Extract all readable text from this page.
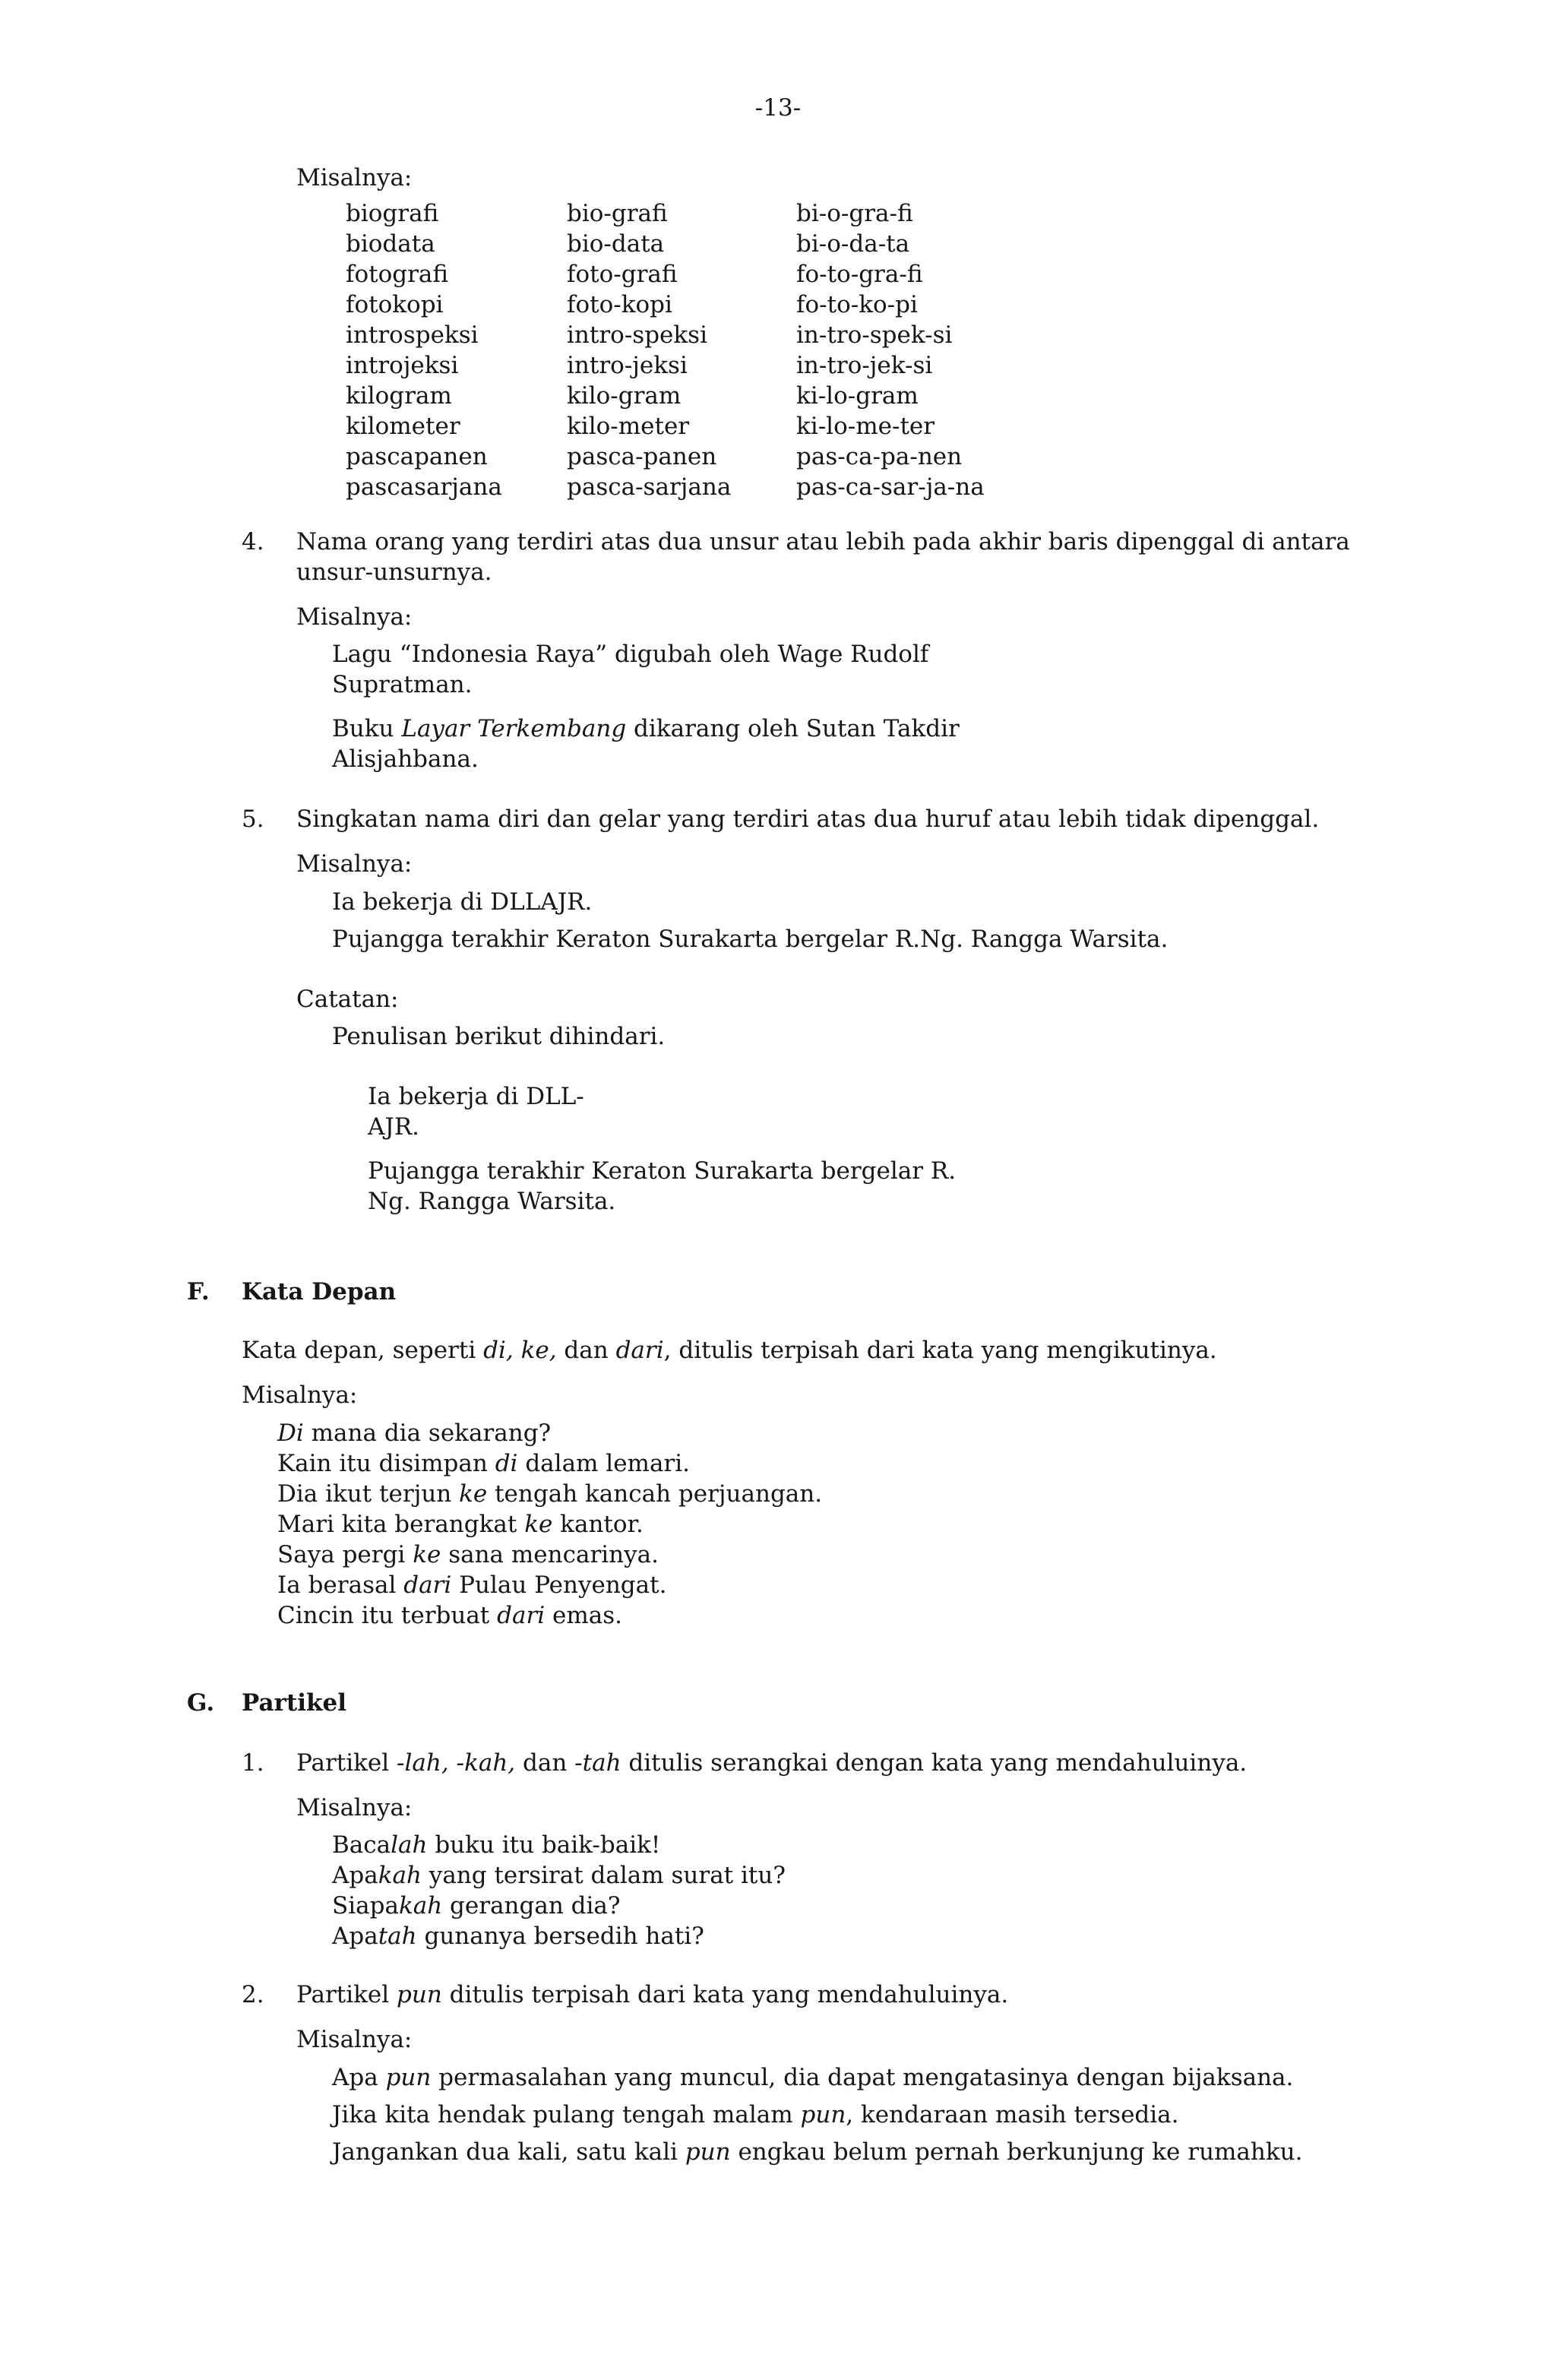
-13-
Misalnya:
biografi
biodata
fotografi
fotokopi
introspeksi
introjeksi
kilogram
kilometer
pascapanen
pascasarjana
bio-grafi
bio-data
foto-grafi
foto-kopi
intro-speksi
intro-jeksi
kilo-gram
kilo-meter
pasca-panen
pasca-sarjana
bi-o-gra-fi
bi-o-da-ta
fo-to-gra-fi
fo-to-ko-pi
in-tro-spek-si
in-tro-jek-si
ki-lo-gram
ki-lo-me-ter
pas-ca-pa-nen
pas-ca-sar-ja-na
4. Nama orang yang terdiri atas dua unsur atau lebih pada akhir baris dipenggal di antara
unsur-unsurnya.
Misalnya:
Lagu “Indonesia Raya” digubah oleh Wage Rudolf
Supratman.
Buku Layar Terkembang dikarang oleh Sutan Takdir
Alisjahbana.
5. Singkatan nama diri dan gelar yang terdiri atas dua huruf atau lebih tidak dipenggal.
Misalnya:
Ia bekerja di DLLAJR.
Pujangga terakhir Keraton Surakarta bergelar R.Ng. Rangga Warsita.
Catatan:
Penulisan berikut dihindari.
Ia bekerja di DLL-
AJR.
Pujangga terakhir Keraton Surakarta bergelar R.
Ng. Rangga Warsita.
F. Kata Depan
Kata depan, seperti di, ke, dan dari, ditulis terpisah dari kata yang mengikutinya.
Misalnya:
Di mana dia sekarang?
Kain itu disimpan di dalam lemari.
Dia ikut terjun ke tengah kancah perjuangan.
Mari kita berangkat ke kantor.
Saya pergi ke sana mencarinya.
Ia berasal dari Pulau Penyengat.
Cincin itu terbuat dari emas.
G. Partikel
1. Partikel -lah, -kah, dan -tah ditulis serangkai dengan kata yang mendahuluinya.
Misalnya:
Bacalah buku itu baik-baik!
Apakah yang tersirat dalam surat itu?
Siapakah gerangan dia?
Apatah gunanya bersedih hati?
2. Partikel pun ditulis terpisah dari kata yang mendahuluinya.
Misalnya:
Apa pun permasalahan yang muncul, dia dapat mengatasinya dengan bijaksana.
Jika kita hendak pulang tengah malam pun, kendaraan masih tersedia.
Jangankan dua kali, satu kali pun engkau belum pernah berkunjung ke rumahku.
